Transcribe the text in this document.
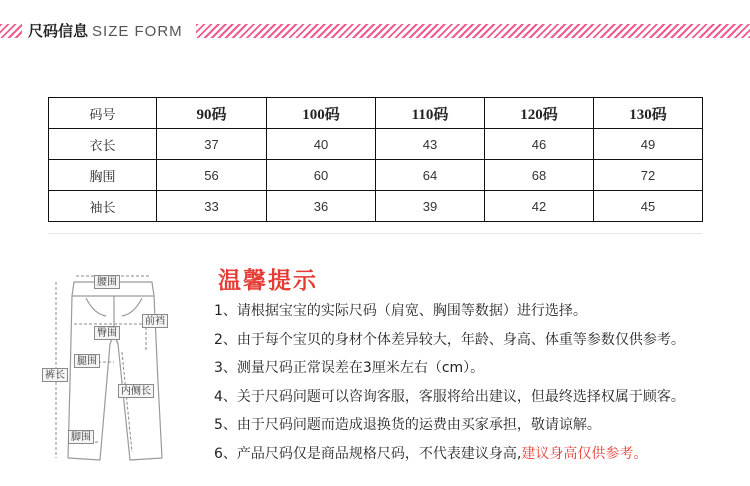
尺码信息 SIZE FORM
码号	90码	100码	110码	120码	130码
衣长	37	40	43	46	49
胸围	56	60	64	68	72
袖长	33	36	39	42	45
腰围
臀围
前裆
腿围
裤长
内侧长
脚围
温馨提示
1、请根据宝宝的实际尺码（肩宽、胸围等数据）进行选择。
2、由于每个宝贝的身材个体差异较大，年龄、身高、体重等参数仅供参考。
3、测量尺码正常误差在3厘米左右（cm）。
4、关于尺码问题可以咨询客服，客服将给出建议，但最终选择权属于顾客。
5、由于尺码问题而造成退换货的运费由买家承担，敬请谅解。
6、产品尺码仅是商品规格尺码，不代表建议身高,建议身高仅供参考。
